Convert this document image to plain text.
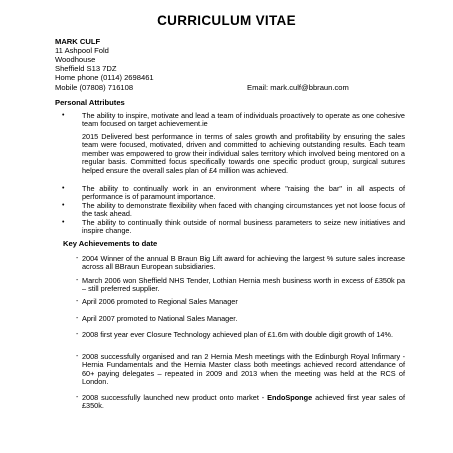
CURRICULUM VITAE
MARK CULF
11 Ashpool Fold
Woodhouse
Sheffield S13 7DZ
Home phone (0114) 2698461
Mobile (07808) 716108	Email: mark.culf@bbraun.com
Personal Attributes
• The ability to inspire, motivate and lead a team of individuals proactively to operate as one cohesive team focused on target achievement.ie
2015 Delivered best performance in terms of sales growth and profitability by ensuring the sales team were focused, motivated, driven and committed to achieving outstanding results. Each team member was empowered to grow their individual sales territory which involved being mentored on a regular basis. Committed focus specifically towards one specific product group, surgical sutures helped ensure the overall sales plan of £4 million was achieved.
• The ability to continually work in an environment where "raising the bar" in all aspects of performance is of paramount importance.
• The ability to demonstrate flexibility when faced with changing circumstances yet not loose focus of the task ahead.
• The ability to continually think outside of normal business parameters to seize new initiatives and inspire change.
Key Achievements to date
- 2004 Winner of the annual B Braun Big Lift award for achieving the largest % suture sales increase across all BBraun European subsidiaries.
- March 2006 won Sheffield NHS Tender, Lothian Hernia mesh business worth in excess of £350k pa – still preferred supplier.
- April 2006 promoted to Regional Sales Manager
- April 2007 promoted to National Sales Manager.
- 2008 first year ever Closure Technology achieved plan of £1.6m with double digit growth of 14%.
- 2008 successfully organised and ran 2 Hernia Mesh meetings with the Edinburgh Royal Infirmary - Hernia Fundamentals and the Hernia Master class both meetings achieved record attendance of 60+ paying delegates – repeated in 2009 and 2013 when the meeting was held at the RCS of London.
- 2008 successfully launched new product onto market - EndoSponge achieved first year sales of £350k.
